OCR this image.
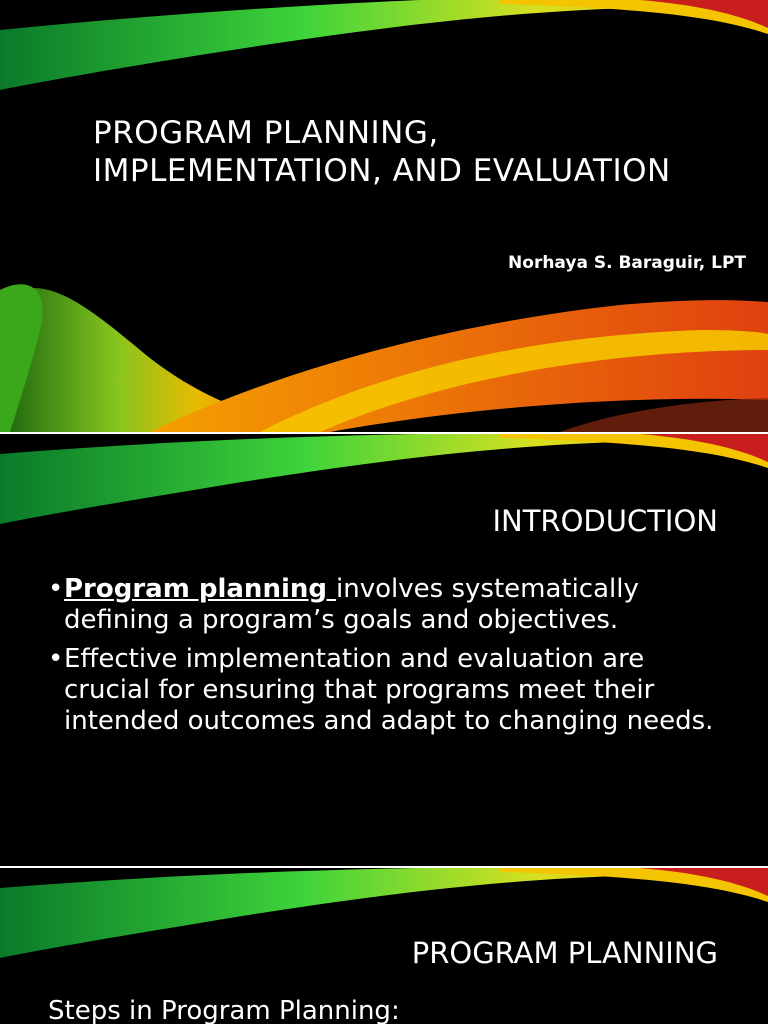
PROGRAM PLANNING, IMPLEMENTATION, AND EVALUATION
Norhaya S. Baraguir, LPT
INTRODUCTION
• Program planning involves systematically defining a program’s goals and objectives.
• Effective implementation and evaluation are crucial for ensuring that programs meet their intended outcomes and adapt to changing needs.
PROGRAM PLANNING

Steps in Program Planning:
